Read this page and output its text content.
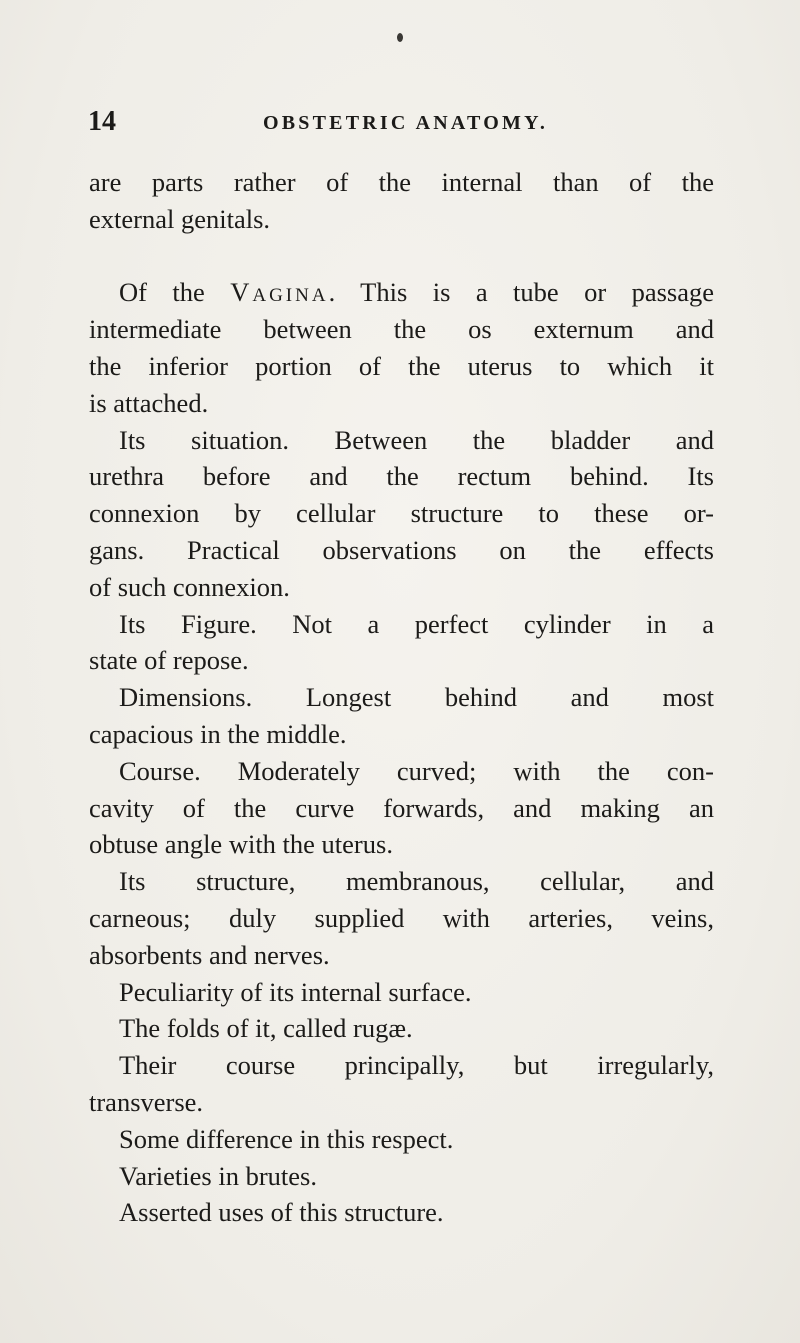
14	OBSTETRIC ANATOMY.
are parts rather of the internal than of the
external genitals.
Of the Vagina. This is a tube or passage
intermediate between the os externum and
the inferior portion of the uterus to which it
is attached.
Its situation. Between the bladder and
urethra before and the rectum behind. Its
connexion by cellular structure to these or-
gans. Practical observations on the effects
of such connexion.
Its Figure. Not a perfect cylinder in a
state of repose.
Dimensions. Longest behind and most
capacious in the middle.
Course. Moderately curved; with the con-
cavity of the curve forwards, and making an
obtuse angle with the uterus.
Its structure, membranous, cellular, and
carneous; duly supplied with arteries, veins,
absorbents and nerves.
Peculiarity of its internal surface.
The folds of it, called rugæ.
Their course principally, but irregularly,
transverse.
Some difference in this respect.
Varieties in brutes.
Asserted uses of this structure.
